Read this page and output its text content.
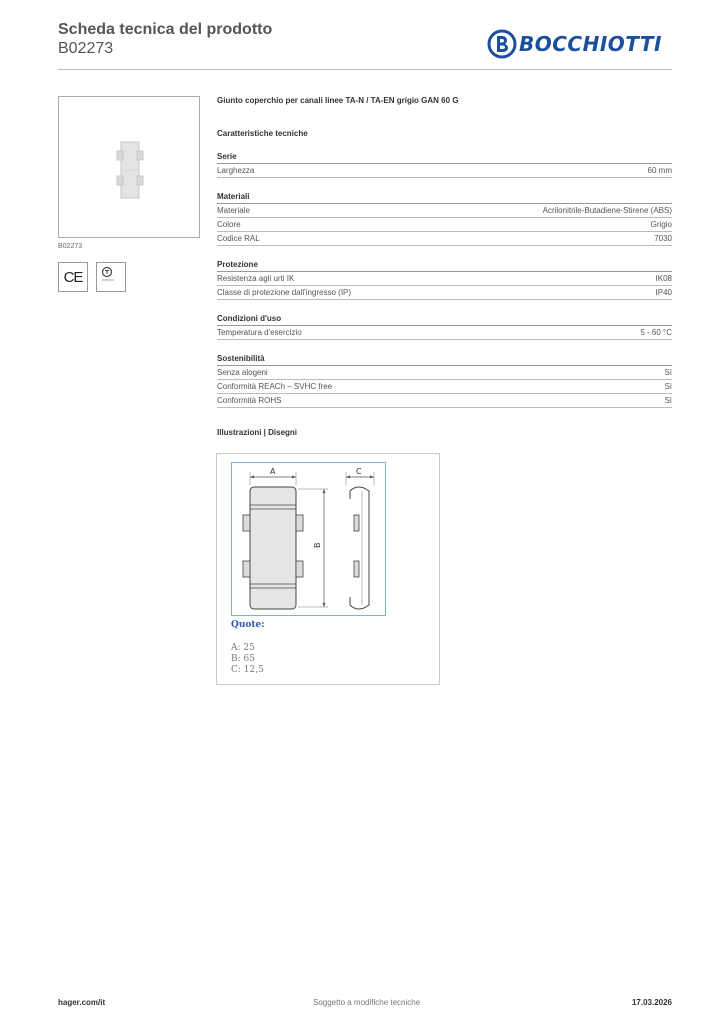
Scheda tecnica del prodotto
B02273	BOCCHIOTTI
B02273
CE
Giunto coperchio per canali linee TA-N / TA-EN grigio GAN 60 G
Caratteristiche tecniche
Serie
Larghezza	60 mm
Materiali
Materiale	Acrilonitrile-Butadiene-Stirene (ABS)
Colore	Grigio
Codice RAL	7030
Protezione
Resistenza agli urti IK	IK08
Classe di protezione dall'ingresso (IP)	IP40
Condizioni d'uso
Temperatura d'esercizio	5 - 60 °C
Sostenibilità
Senza alogeni	Sì
Conformità REACh – SVHC free	Sì
Conformità ROHS	Sì
Illustrazioni | Disegni
A
B
C
Quote:
A: 25
B: 65
C: 12,5
hager.com/it	Soggetto a modifiche tecniche	17.03.2026
